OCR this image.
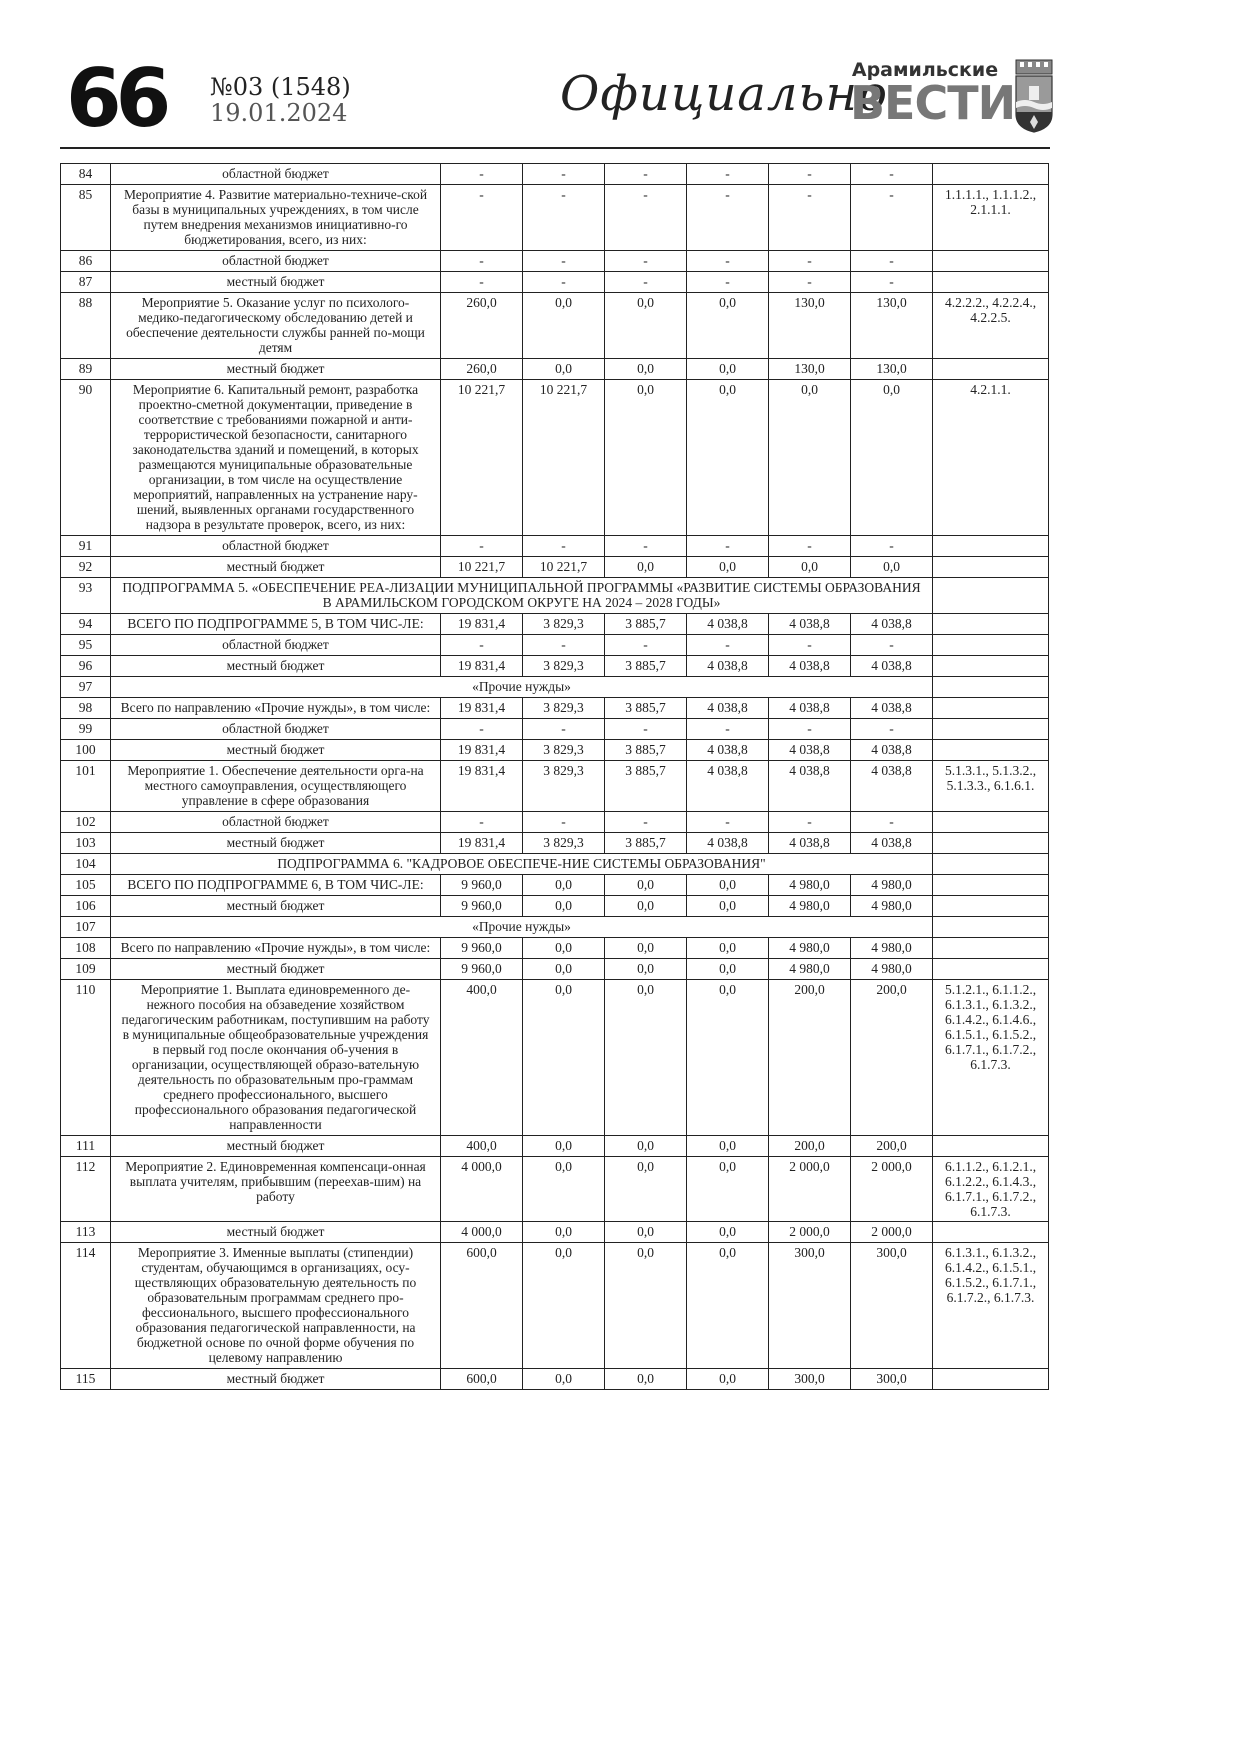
66 №03 (1548)
19.01.2024	Официально
Арамильские
ВЕСТИ
84	областной бюджет	-	-	-	-	-	-	
85	Мероприятие 4. Развитие материально-техниче-ской базы в муниципальных учреждениях, в том числе путем внедрения механизмов инициативно-го бюджетирования, всего, из них:	-	-	-	-	-	-	1.1.1.1., 1.1.1.2., 2.1.1.1.
86	областной бюджет	-	-	-	-	-	-	
87	местный бюджет	-	-	-	-	-	-	
88	Мероприятие 5. Оказание услуг по психолого-медико-педагогическому обследованию детей и обеспечение деятельности службы ранней по-мощи детям	260,0	0,0	0,0	0,0	130,0	130,0	4.2.2.2., 4.2.2.4., 4.2.2.5.
89	местный бюджет	260,0	0,0	0,0	0,0	130,0	130,0	
90	Мероприятие 6. Капитальный ремонт, разработка проектно-сметной документации, приведение в соответствие с требованиями пожарной и анти-террористической безопасности, санитарного законодательства зданий и помещений, в которых размещаются муниципальные образовательные организации, в том числе на осуществление мероприятий, направленных на устранение нару-шений, выявленных органами государственного надзора в результате проверок, всего, из них:	10 221,7	10 221,7	0,0	0,0	0,0	0,0	4.2.1.1.
91	областной бюджет	-	-	-	-	-	-	
92	местный бюджет	10 221,7	10 221,7	0,0	0,0	0,0	0,0	
93	ПОДПРОГРАММА 5. «ОБЕСПЕЧЕНИЕ РЕА-ЛИЗАЦИИ МУНИЦИПАЛЬНОЙ ПРОГРАММЫ «РАЗВИТИЕ СИСТЕМЫ ОБРАЗОВАНИЯ В АРАМИЛЬСКОМ ГОРОДСКОМ ОКРУГЕ НА 2024 – 2028 ГОДЫ»							
94	ВСЕГО ПО ПОДПРОГРАММЕ 5, В ТОМ ЧИС-ЛЕ:	19 831,4	3 829,3	3 885,7	4 038,8	4 038,8	4 038,8	
95	областной бюджет	-	-	-	-	-	-	
96	местный бюджет	19 831,4	3 829,3	3 885,7	4 038,8	4 038,8	4 038,8	
97	«Прочие нужды»							
98	Всего по направлению «Прочие нужды», в том числе:	19 831,4	3 829,3	3 885,7	4 038,8	4 038,8	4 038,8	
99	областной бюджет	-	-	-	-	-	-	
100	местный бюджет	19 831,4	3 829,3	3 885,7	4 038,8	4 038,8	4 038,8	
101	Мероприятие 1. Обеспечение деятельности орга-на местного самоуправления, осуществляющего управление в сфере образования	19 831,4	3 829,3	3 885,7	4 038,8	4 038,8	4 038,8	5.1.3.1., 5.1.3.2., 5.1.3.3., 6.1.6.1.
102	областной бюджет	-	-	-	-	-	-	
103	местный бюджет	19 831,4	3 829,3	3 885,7	4 038,8	4 038,8	4 038,8	
104	ПОДПРОГРАММА 6. "КАДРОВОЕ ОБЕСПЕЧЕ-НИЕ СИСТЕМЫ ОБРАЗОВАНИЯ"							
105	ВСЕГО ПО ПОДПРОГРАММЕ 6, В ТОМ ЧИС-ЛЕ:	9 960,0	0,0	0,0	0,0	4 980,0	4 980,0	
106	местный бюджет	9 960,0	0,0	0,0	0,0	4 980,0	4 980,0	
107	«Прочие нужды»							
108	Всего по направлению «Прочие нужды», в том числе:	9 960,0	0,0	0,0	0,0	4 980,0	4 980,0	
109	местный бюджет	9 960,0	0,0	0,0	0,0	4 980,0	4 980,0	
110	Мероприятие 1. Выплата единовременного де-нежного пособия на обзаведение хозяйством педагогическим работникам, поступившим на работу в муниципальные общеобразовательные учреждения в первый год после окончания об-учения в организации, осуществляющей образо-вательную деятельность по образовательным про-граммам среднего профессионального, высшего профессионального образования педагогической направленности	400,0	0,0	0,0	0,0	200,0	200,0	5.1.2.1., 6.1.1.2., 6.1.3.1., 6.1.3.2., 6.1.4.2., 6.1.4.6., 6.1.5.1., 6.1.5.2., 6.1.7.1., 6.1.7.2., 6.1.7.3.
111	местный бюджет	400,0	0,0	0,0	0,0	200,0	200,0	
112	Мероприятие 2. Единовременная компенсаци-онная выплата учителям, прибывшим (переехав-шим) на работу	4 000,0	0,0	0,0	0,0	2 000,0	2 000,0	6.1.1.2., 6.1.2.1., 6.1.2.2., 6.1.4.3., 6.1.7.1., 6.1.7.2., 6.1.7.3.
113	местный бюджет	4 000,0	0,0	0,0	0,0	2 000,0	2 000,0	
114	Мероприятие 3. Именные выплаты (стипендии) студентам, обучающимся в организациях, осу-ществляющих образовательную деятельность по образовательным программам среднего про-фессионального, высшего профессионального образования педагогической направленности, на бюджетной основе по очной форме обучения по целевому направлению	600,0	0,0	0,0	0,0	300,0	300,0	6.1.3.1., 6.1.3.2., 6.1.4.2., 6.1.5.1., 6.1.5.2., 6.1.7.1., 6.1.7.2., 6.1.7.3.
115	местный бюджет	600,0	0,0	0,0	0,0	300,0	300,0	
